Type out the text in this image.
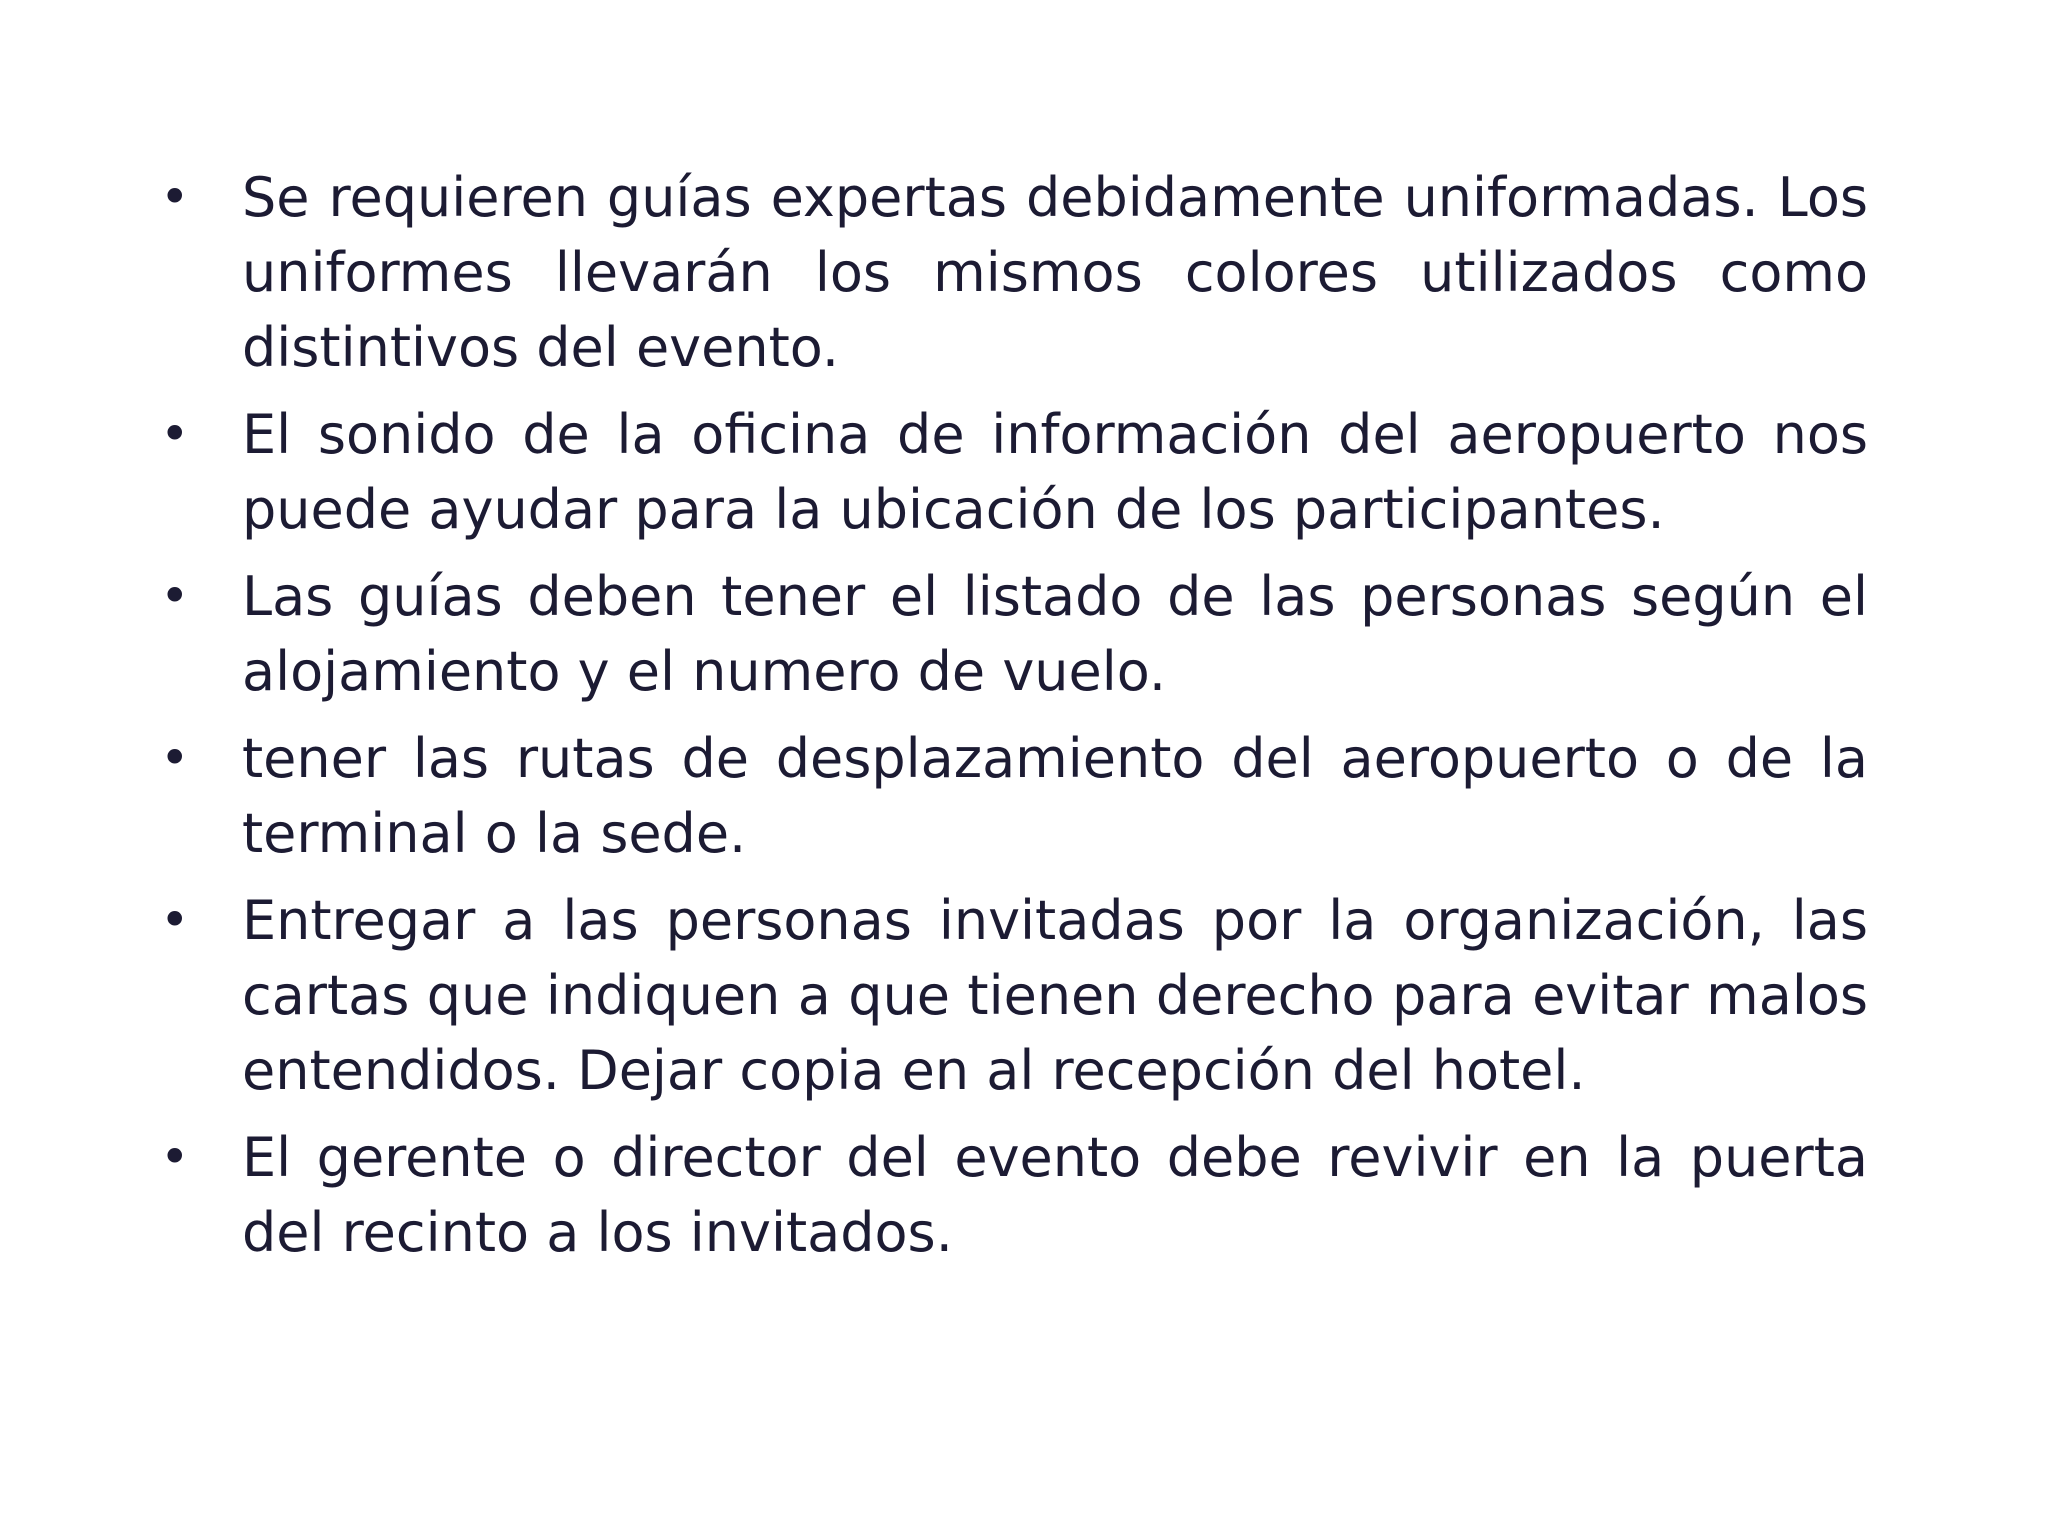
• Se requieren guías expertas debidamente uniformadas. Los uniformes llevarán los mismos colores utilizados como distintivos del evento.
• El sonido de la oficina de información del aeropuerto nos puede ayudar para la ubicación de los participantes.
• Las guías deben tener el listado de las personas según el alojamiento y el numero de vuelo.
• tener las rutas de desplazamiento del aeropuerto o de la terminal o la sede.
• Entregar a las personas invitadas por la organización, las cartas que indiquen a que tienen derecho para evitar malos entendidos. Dejar copia en al recepción del hotel.
• El gerente o director del evento debe revivir en la puerta del recinto a los invitados.
